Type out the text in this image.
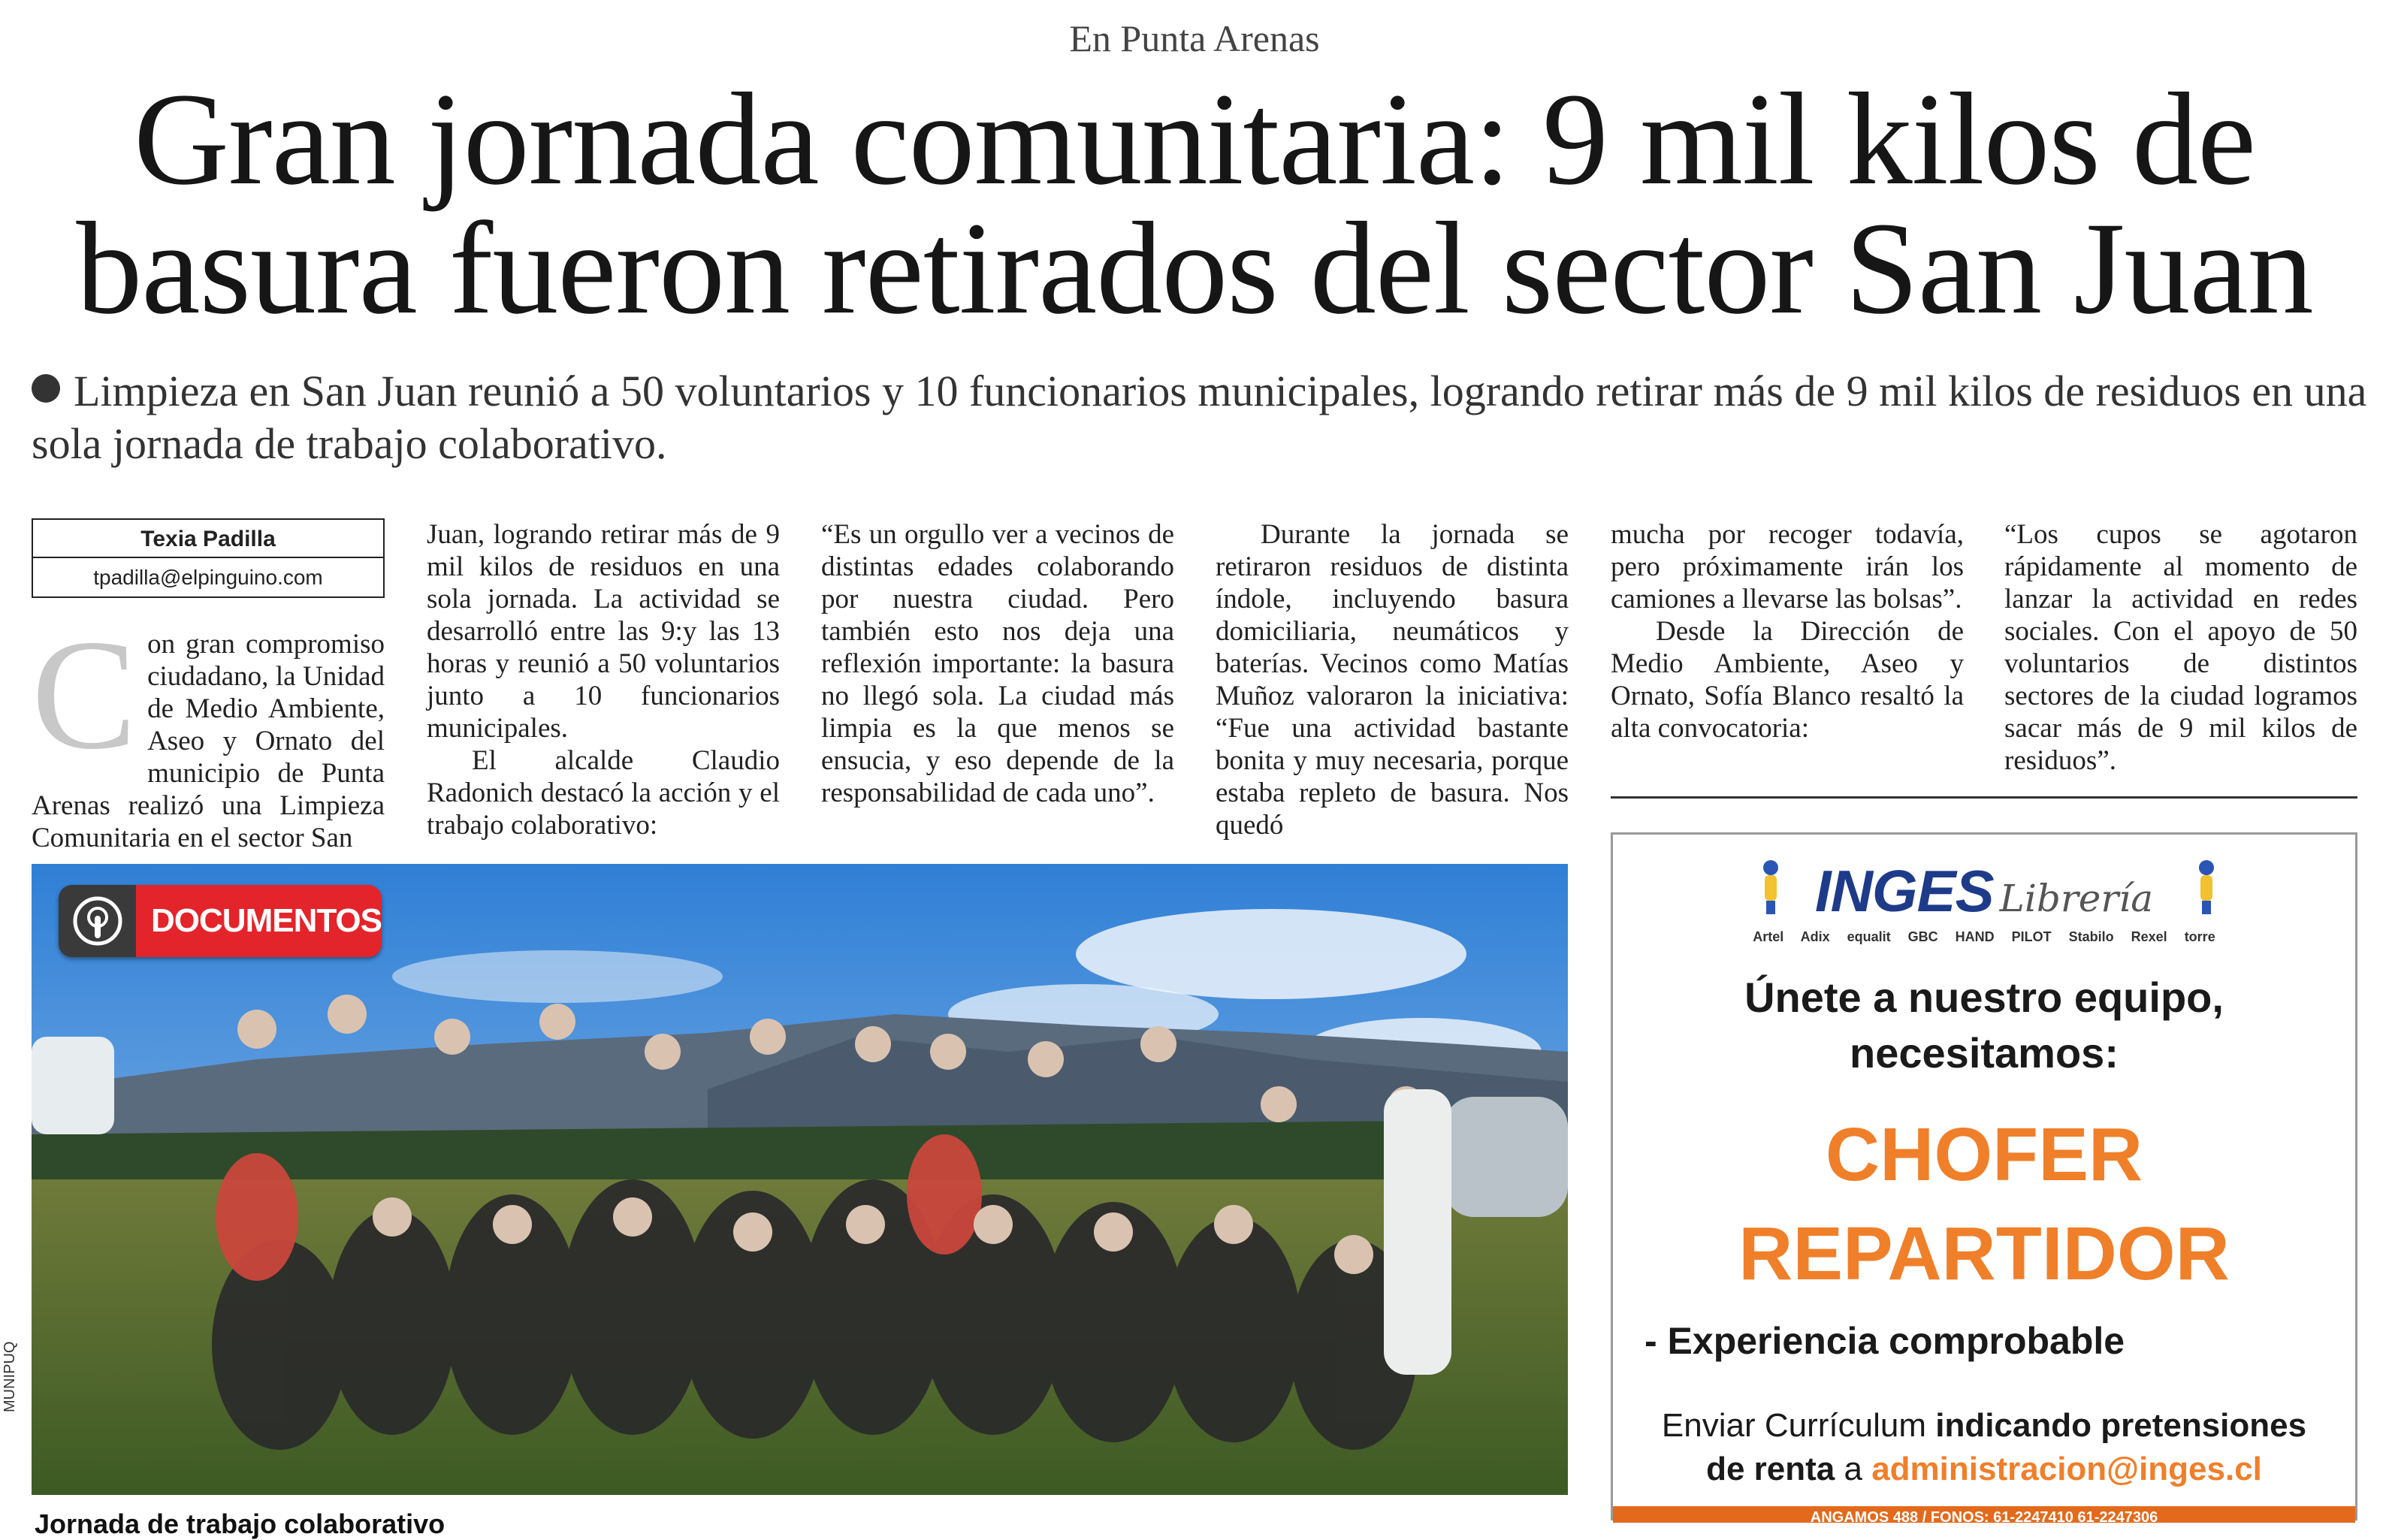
En Punta Arenas
Gran jornada comunitaria: 9 mil kilos de
basura fueron retirados del sector San Juan
Limpieza en San Juan reunió a 50 voluntarios y 10 funcionarios municipales, logrando retirar más de 9 mil kilos de residuos en una sola jornada de trabajo colaborativo.
Texia Padilla
tpadilla@elpinguino.com

Con gran compromiso ciudadano, la Unidad de Medio Ambiente, Aseo y Ornato del municipio de Punta Arenas realizó una Limpieza Comunitaria en el sector San

Juan, logrando retirar más de 9 mil kilos de residuos en una sola jornada. La actividad se desarrolló entre las 9:y las 13 horas y reunió a 50 voluntarios junto a 10 funcionarios municipales.

El alcalde Claudio Radonich destacó la acción y el trabajo colaborativo:

“Es un orgullo ver a vecinos de distintas edades colaborando por nuestra ciudad. Pero también esto nos deja una reflexión importante: la basura no llegó sola. La ciudad más limpia es la que menos se ensucia, y eso depende de la responsabilidad de cada uno”.

Durante la jornada se retiraron residuos de distinta índole, incluyendo basura domiciliaria, neumáticos y baterías. Vecinos como Matías Muñoz valoraron la iniciativa: “Fue una actividad bastante bonita y muy necesaria, porque estaba repleto de basura. Nos quedó

mucha por recoger todavía, pero próximamente irán los camiones a llevarse las bolsas”.

Desde la Dirección de Medio Ambiente, Aseo y Ornato, Sofía Blanco resaltó la alta convocatoria:

“Los cupos se agotaron rápidamente al momento de lanzar la actividad en redes sociales. Con el apoyo de 50 voluntarios de distintos sectores de la ciudad logramos sacar más de 9 mil kilos de residuos”.

DOCUMENTOS
MUNIPUQ
Jornada de trabajo colaborativo
INGES Librería
Artel Adix equalit GBC HAND PILOT Stabilo Rexel torre
Únete a nuestro equipo,
necesitamos:
CHOFER
REPARTIDOR
- Experiencia comprobable
Enviar Currículum indicando pretensiones
de renta a administracion@inges.cl
ANGAMOS 488 / FONOS: 61-2247410 61-2247306
